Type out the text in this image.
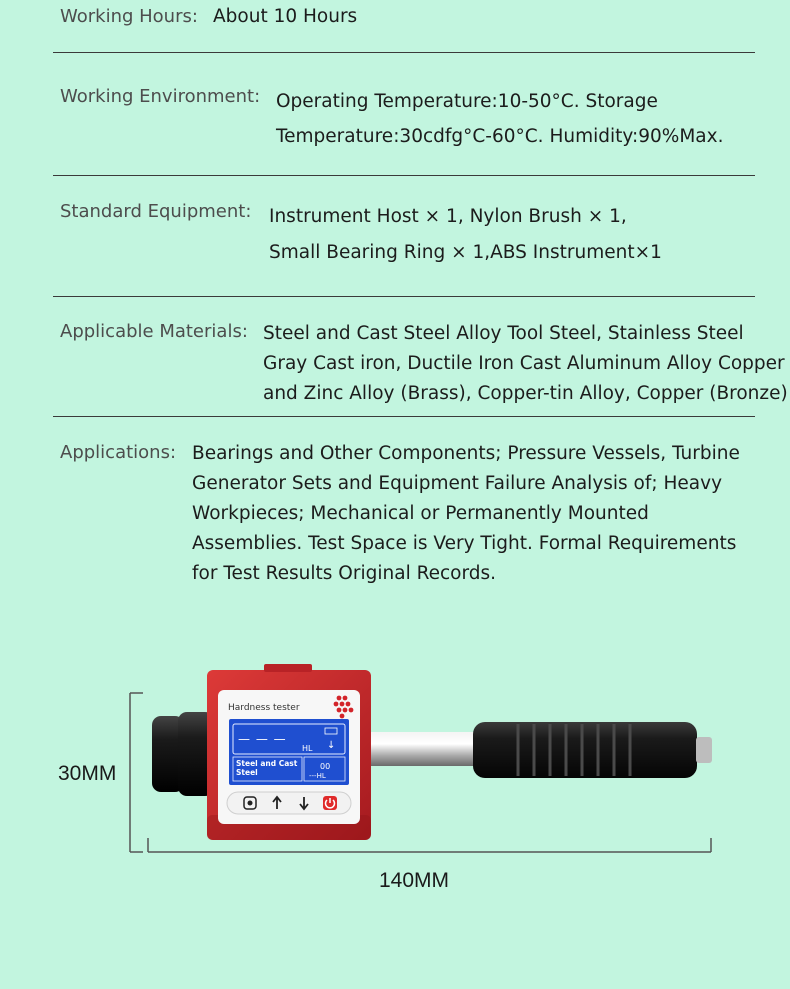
Working Hours: About 10 Hours
Working Environment: Operating Temperature:10-50°C. Storage
Temperature:30cdfg°C-60°C. Humidity:90%Max.
Standard Equipment: Instrument Host × 1, Nylon Brush × 1,
Small Bearing Ring × 1,ABS Instrument×1
Applicable Materials: Steel and Cast Steel Alloy Tool Steel, Stainless Steel
Gray Cast iron, Ductile Iron Cast Aluminum Alloy Copper
and Zinc Alloy (Brass), Copper-tin Alloy, Copper (Bronze)
Applications: Bearings and Other Components; Pressure Vessels, Turbine
Generator Sets and Equipment Failure Analysis of; Heavy
Workpieces; Mechanical or Permanently Mounted
Assemblies. Test Space is Very Tight. Formal Requirements
for Test Results Original Records.
Hardness tester
— — —
HL ↓
Steel and Cast
Steel
00
---HL
30MM
140MM
